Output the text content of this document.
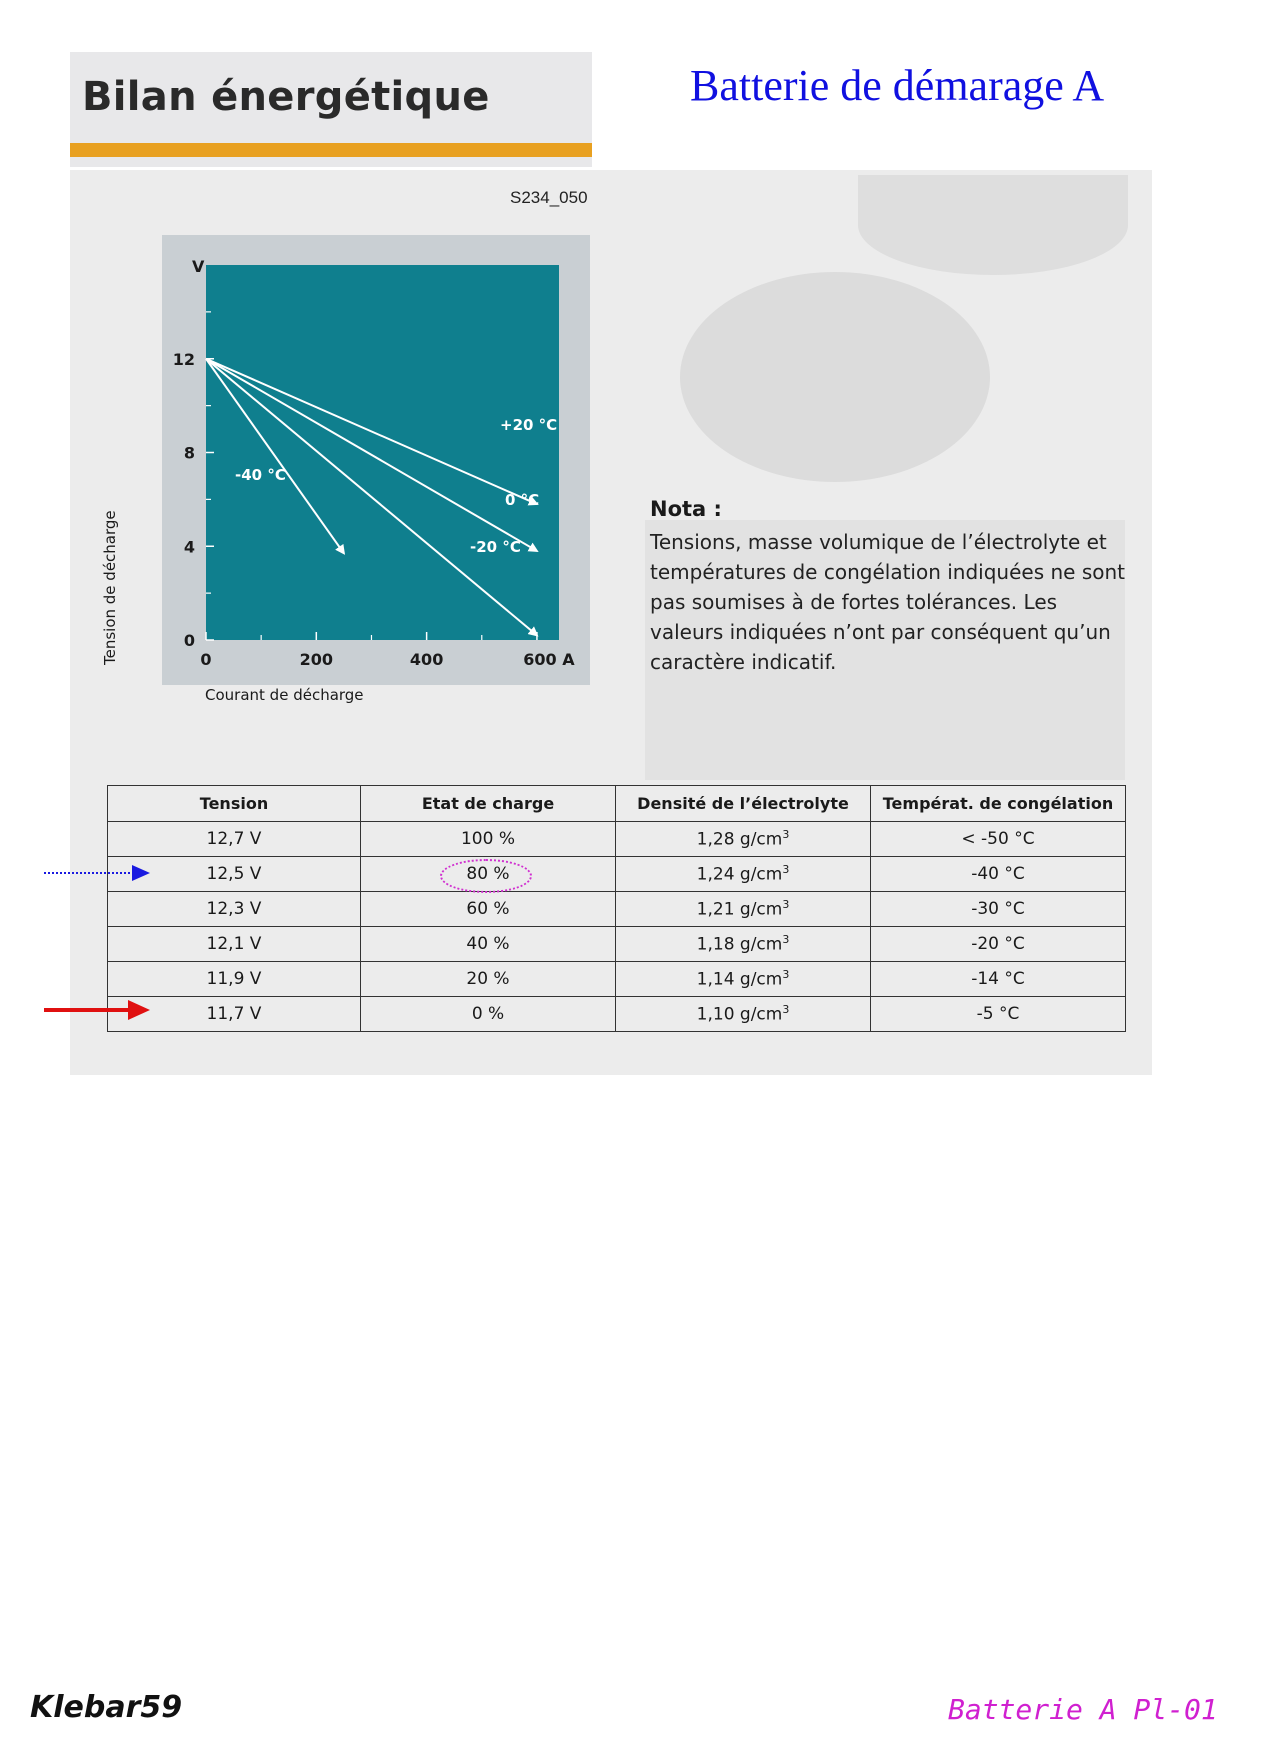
Bilan énergétique	Batterie de démarage A
S234_050
+20 °C
0 °C
-20 °C
-40 °C
0	200	400	600 A
0
4
8
12
V
Tension de décharge
Courant de décharge
Nota :
Tensions, masse volumique de l’électrolyte et températures de congélation indiquées ne sont pas soumises à de fortes tolérances. Les valeurs indiquées n’ont par conséquent qu’un caractère indicatif.
Tension	Etat de charge	Densité de l’électrolyte	Températ. de congélation
12,7 V	100 %	1,28 $g/cm^3$	< -50 °C
12,5 V	80 %	1,24 $g/cm^3$	-40 °C
12,3 V	60 %	1,21 $g/cm^3$	-30 °C
12,1 V	40 %	1,18 $g/cm^3$	-20 °C
11,9 V	20 %	1,14 $g/cm^3$	-14 °C
11,7 V	0 %	1,10 $g/cm^3$	-5 °C
Klebar59	Batterie A Pl-01
